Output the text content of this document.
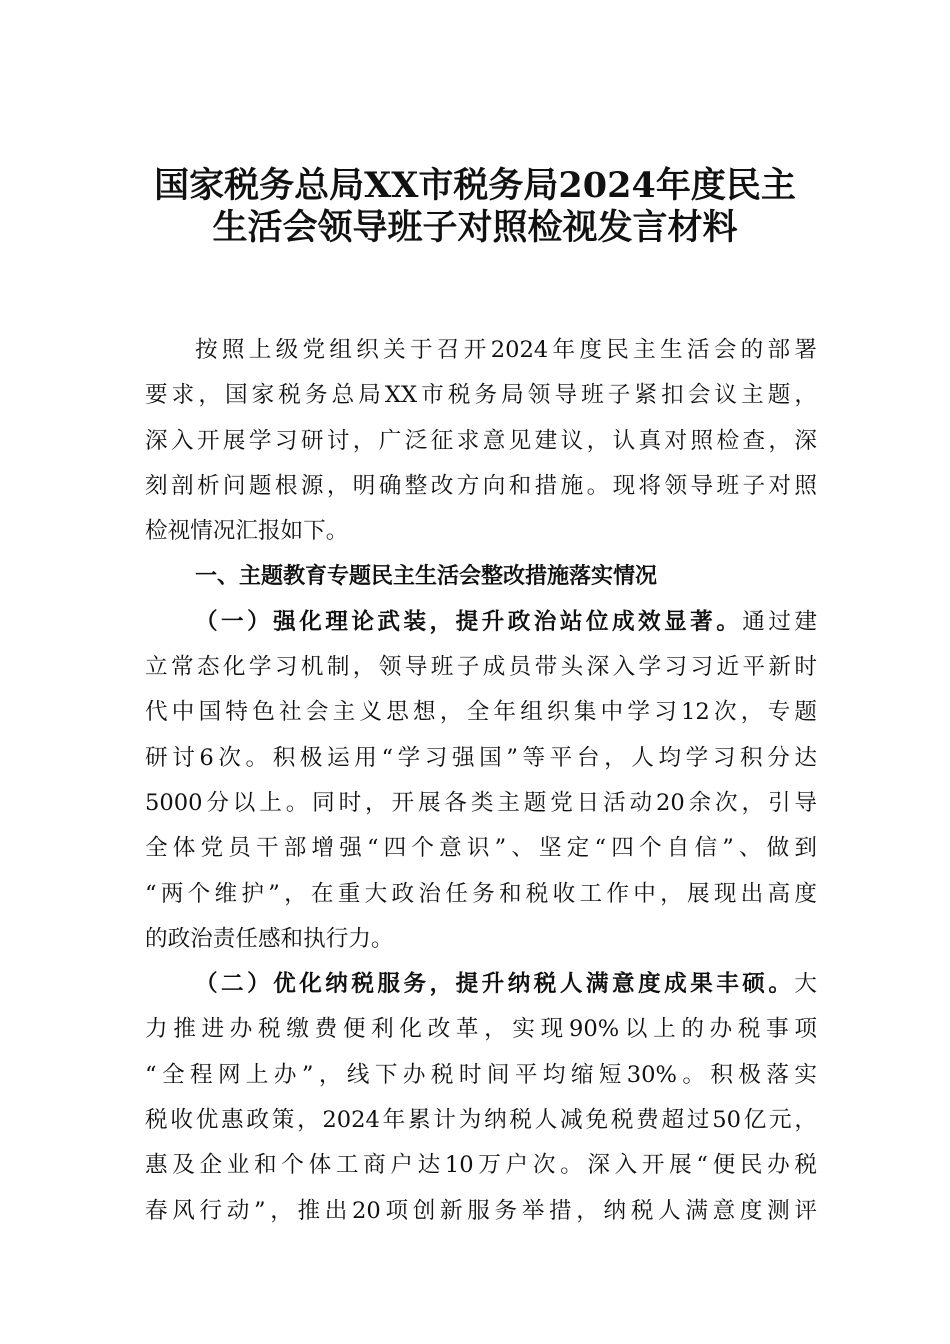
国家税务总局XX市税务局2024年度民主
生活会领导班子对照检视发言材料
按照上级党组织关于召开2024年度民主生活会的部署
要求，国家税务总局XX市税务局领导班子紧扣会议主题，
深入开展学习研讨，广泛征求意见建议，认真对照检查，深
刻剖析问题根源，明确整改方向和措施。现将领导班子对照
检视情况汇报如下。
一、主题教育专题民主生活会整改措施落实情况
（一）强化理论武装，提升政治站位成效显著。通过建
立常态化学习机制，领导班子成员带头深入学习习近平新时
代中国特色社会主义思想，全年组织集中学习12次，专题
研讨6次。积极运用“学习强国”等平台，人均学习积分达
5000分以上。同时，开展各类主题党日活动20余次，引导
全体党员干部增强“四个意识”、坚定“四个自信”、做到
“两个维护”，在重大政治任务和税收工作中，展现出高度
的政治责任感和执行力。
（二）优化纳税服务，提升纳税人满意度成果丰硕。大
力推进办税缴费便利化改革，实现90%以上的办税事项
“全程网上办”，线下办税时间平均缩短30%。积极落实
税收优惠政策，2024年累计为纳税人减免税费超过50亿元，
惠及企业和个体工商户达10万户次。深入开展“便民办税
春风行动”，推出20项创新服务举措，纳税人满意度测评
